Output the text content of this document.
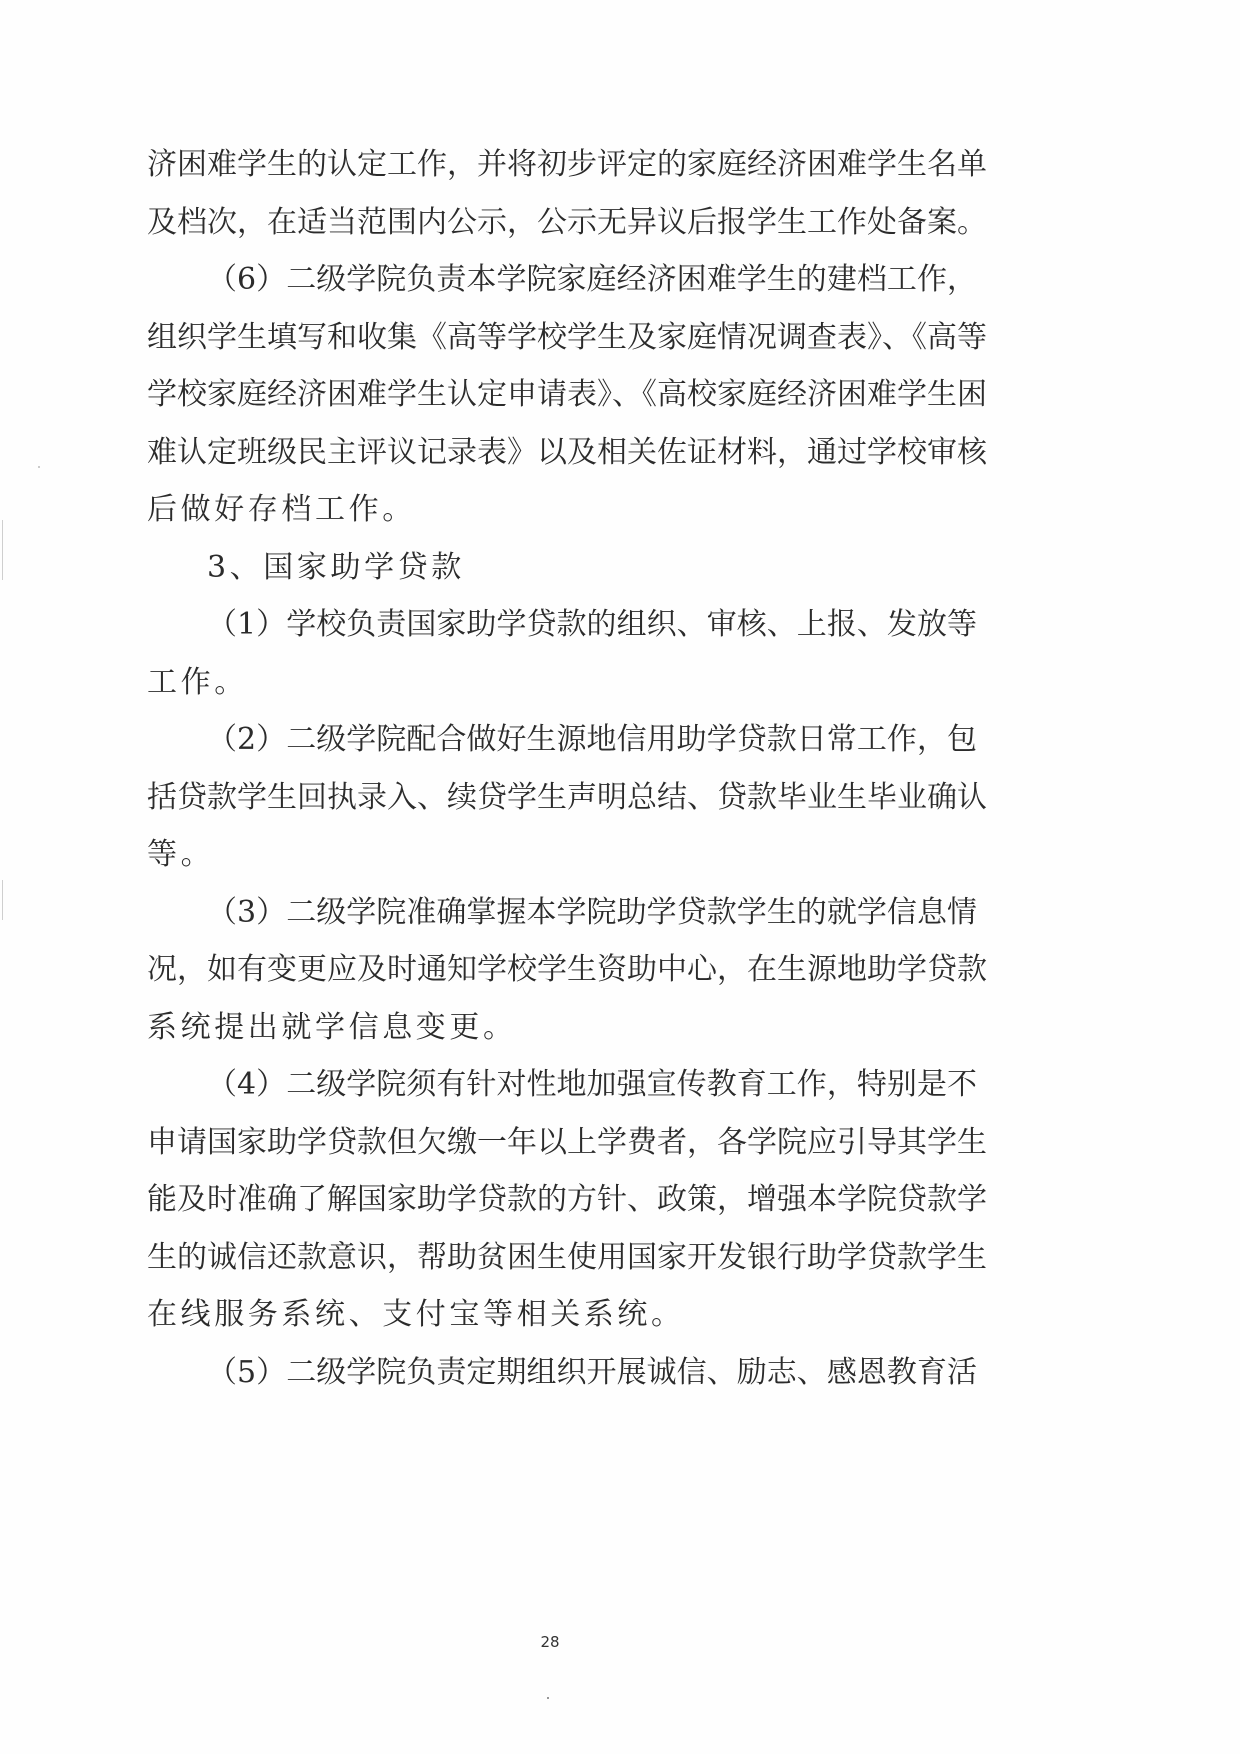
济困难学生的认定工作，并将初步评定的家庭经济困难学生名单
及档次，在适当范围内公示，公示无异议后报学生工作处备案。
（6）二级学院负责本学院家庭经济困难学生的建档工作，
组织学生填写和收集《高等学校学生及家庭情况调查表》、《高等
学校家庭经济困难学生认定申请表》、《高校家庭经济困难学生困
难认定班级民主评议记录表》以及相关佐证材料，通过学校审核
后做好存档工作。
3、国家助学贷款
（1）学校负责国家助学贷款的组织、审核、上报、发放等
工作。
（2）二级学院配合做好生源地信用助学贷款日常工作，包
括贷款学生回执录入、续贷学生声明总结、贷款毕业生毕业确认
等。
（3）二级学院准确掌握本学院助学贷款学生的就学信息情
况，如有变更应及时通知学校学生资助中心，在生源地助学贷款
系统提出就学信息变更。
（4）二级学院须有针对性地加强宣传教育工作，特别是不
申请国家助学贷款但欠缴一年以上学费者，各学院应引导其学生
能及时准确了解国家助学贷款的方针、政策，增强本学院贷款学
生的诚信还款意识，帮助贫困生使用国家开发银行助学贷款学生
在线服务系统、支付宝等相关系统。
（5）二级学院负责定期组织开展诚信、励志、感恩教育活
28
